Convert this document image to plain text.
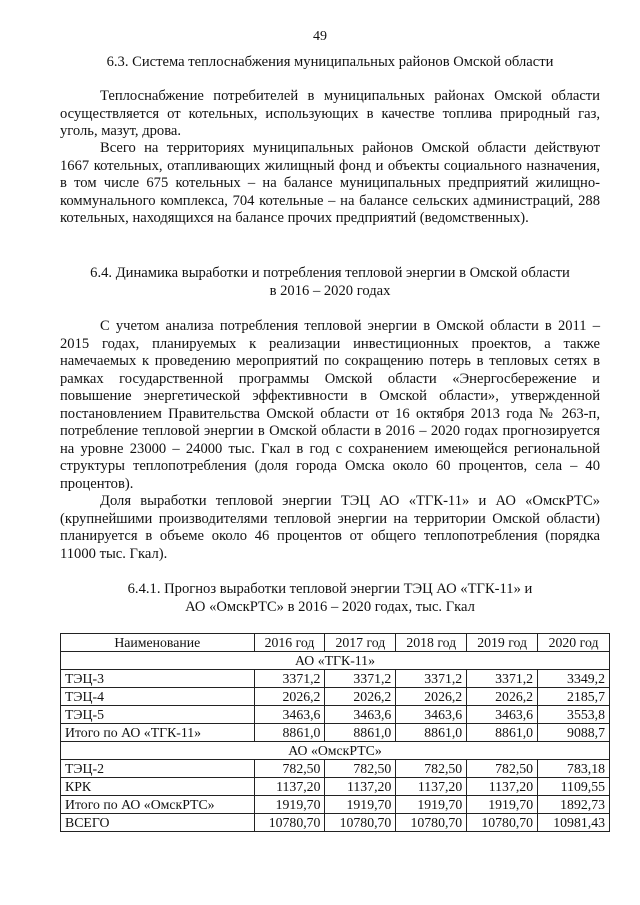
49
6.3. Система теплоснабжения муниципальных районов Омской области

Теплоснабжение потребителей в муниципальных районах Омской области осуществляется от котельных, использующих в качестве топлива природный газ, уголь, мазут, дрова.

Всего на территориях муниципальных районов Омской области действуют 1667 котельных, отапливающих жилищный фонд и объекты социального назначения, в том числе 675 котельных – на балансе муниципальных предприятий жилищно-коммунального комплекса, 704 котельные – на балансе сельских администраций, 288 котельных, находящихся на балансе прочих предприятий (ведомственных).

6.4. Динамика выработки и потребления тепловой энергии в Омской области
в 2016 – 2020 годах

С учетом анализа потребления тепловой энергии в Омской области в 2011 – 2015 годах, планируемых к реализации инвестиционных проектов, а также намечаемых к проведению мероприятий по сокращению потерь в тепловых сетях в рамках государственной программы Омской области «Энергосбережение и повышение энергетической эффективности в Омской области», утвержденной постановлением Правительства Омской области от 16 октября 2013 года № 263-п, потребление тепловой энергии в Омской области в 2016 – 2020 годах прогнозируется на уровне 23000 – 24000 тыс. Гкал в год с сохранением имеющейся региональной структуры теплопотребления (доля города Омска около 60 процентов, села – 40 процентов).

Доля выработки тепловой энергии ТЭЦ АО «ТГК-11» и АО «ОмскРТС» (крупнейшими производителями тепловой энергии на территории Омской области) планируется в объеме около 46 процентов от общего теплопотребления (порядка 11000 тыс. Гкал).

6.4.1. Прогноз выработки тепловой энергии ТЭЦ АО «ТГК-11» и
АО «ОмскРТС» в 2016 – 2020 годах, тыс. Гкал
Наименование	2016 год	2017 год	2018 год	2019 год	2020 год
АО «ТГК-11»					
ТЭЦ-3	3371,2	3371,2	3371,2	3371,2	3349,2
ТЭЦ-4	2026,2	2026,2	2026,2	2026,2	2185,7
ТЭЦ-5	3463,6	3463,6	3463,6	3463,6	3553,8
Итого по АО «ТГК-11»	8861,0	8861,0	8861,0	8861,0	9088,7
АО «ОмскРТС»					
ТЭЦ-2	782,50	782,50	782,50	782,50	783,18
КРК	1137,20	1137,20	1137,20	1137,20	1109,55
Итого по АО «ОмскРТС»	1919,70	1919,70	1919,70	1919,70	1892,73
ВСЕГО	10780,70	10780,70	10780,70	10780,70	10981,43
